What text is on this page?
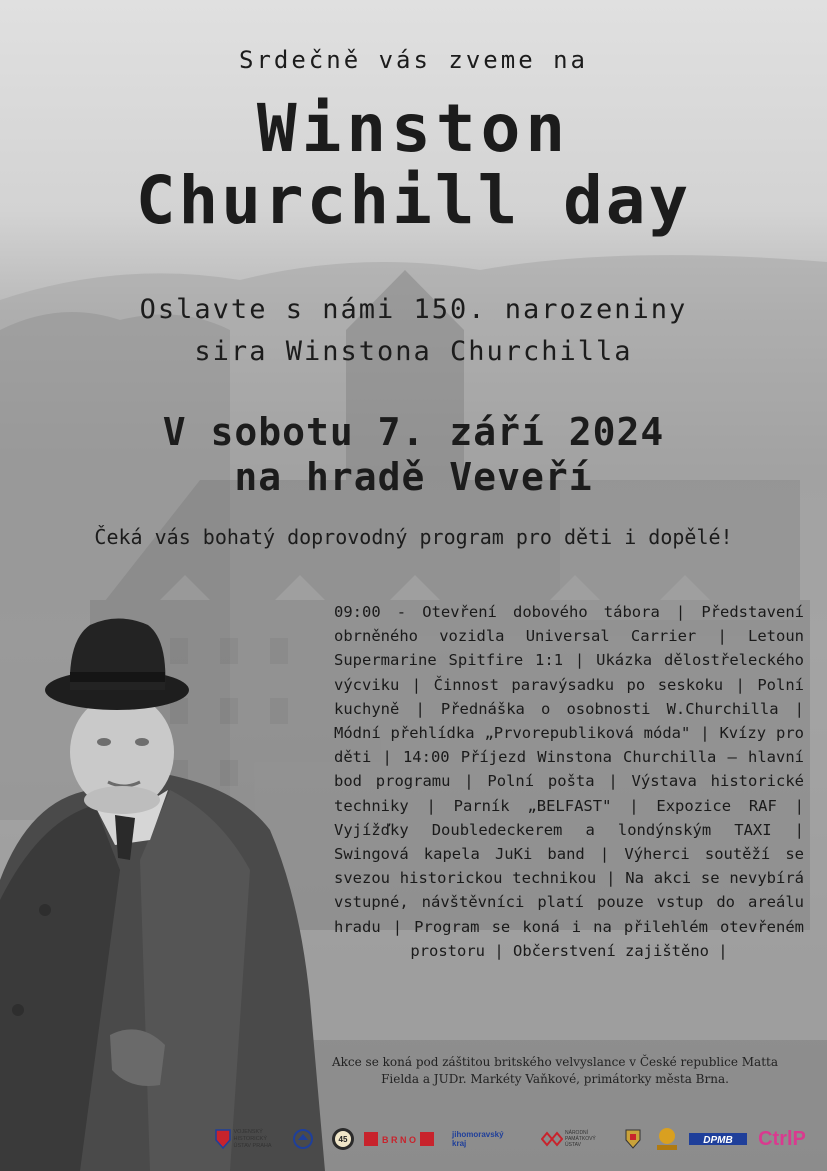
Srdečně vás zveme na
Winston
Churchill day
Oslavte s námi 150. narozeniny
sira Winstona Churchilla
V sobotu 7. září 2024
na hradě Veveří
Čeká vás bohatý doprovodný program pro děti i dopělé!
09:00 - Otevření dobového tábora | Představení obrněného vozidla Universal Carrier | Letoun Supermarine Spitfire 1:1 | Ukázka dělostřeleckého výcviku | Činnost paravýsadku po seskoku | Polní kuchyně | Přednáška o osobnosti W.Churchilla | Módní přehlídka „Prvorepubliková móda" | Kvízy pro děti | 14:00 Příjezd Winstona Churchilla – hlavní bod programu | Polní pošta | Výstava historické techniky | Parník „BELFAST" | Expozice RAF | Vyjížďky Doubledeckerem a londýnským TAXI | Swingová kapela JuKi band | Výherci soutěží se svezou historickou technikou | Na akci se nevybírá vstupné, návštěvníci platí pouze vstup do areálu hradu | Program se koná i na přilehlém otevřeném prostoru | Občerstvení zajištěno |
Akce se koná pod záštitou britského velvyslance v České republice Matta Fielda a JUDr. Markéty Vaňkové, primátorky města Brna.
VOJENSKÝ HISTORICKÝ ÚSTAV PRAHA
45	B R N O
jihomoravský kraj
NÁRODNÍ PAMÁTKOVÝ ÚSTAV	DPMB CtrlP
